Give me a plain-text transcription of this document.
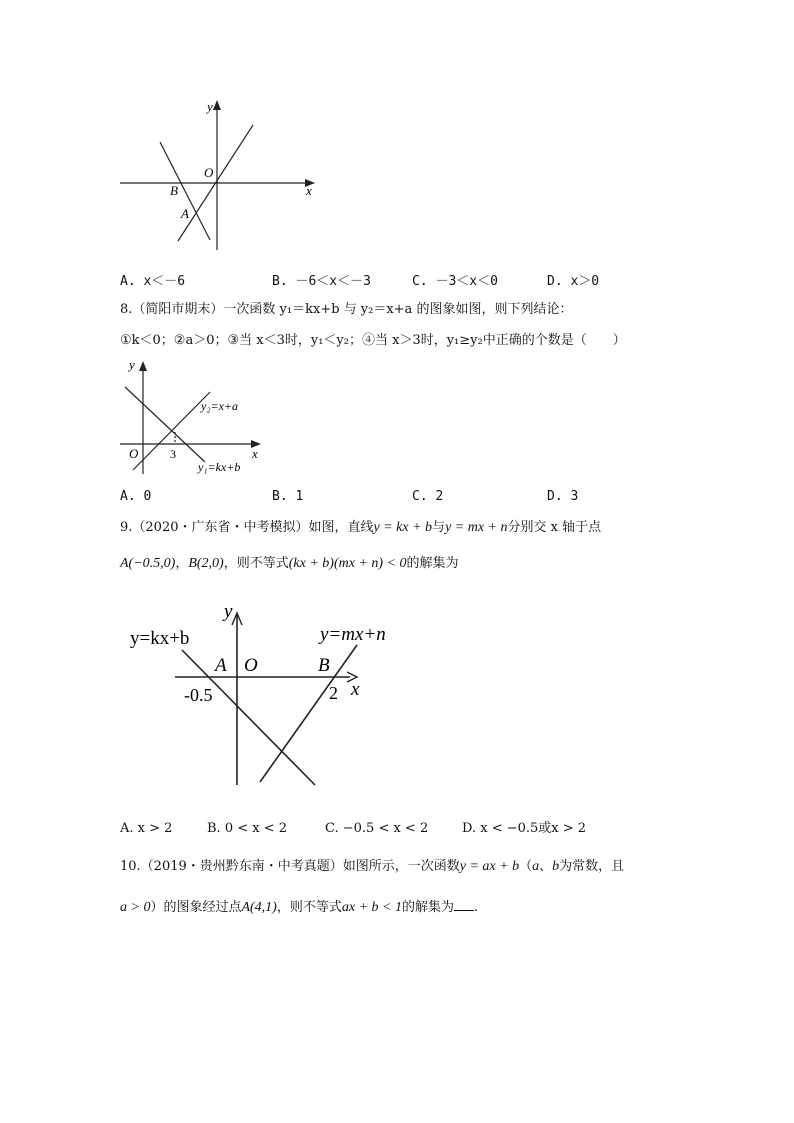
y
x
O
B
A
A. x＜－6	B. －6＜x＜－3	C. －3＜x＜0	D. x＞0
8.（简阳市期末）一次函数 y₁＝kx+b 与 y₂＝x+a 的图象如图，则下列结论：
①k＜0；②a＞0；③当 x＜3时，y₁＜y₂；④当 x＞3时，y₁≥y₂中正确的个数是（　　）
y
x
O	3
y₂=x+a
y₁=kx+b
A. 0	B. 1	C. 2	D. 3
9.（2020・广东省・中考模拟）如图，直线y = kx + b与y = mx + n分别交 x 轴于点
A(−0.5,0)，B(2,0)，则不等式(kx + b)(mx + n) < 0的解集为
y
x
O
A	B
-0.5	2
y=kx+b	y=mx+n
A. x > 2	B. 0 < x < 2	C. −0.5 < x < 2	D. x < −0.5或x > 2
10.（2019・贵州黔东南・中考真题）如图所示，一次函数y = ax + b（a、b为常数，且
a > 0）的图象经过点A(4,1)，则不等式ax + b < 1的解集为 .
